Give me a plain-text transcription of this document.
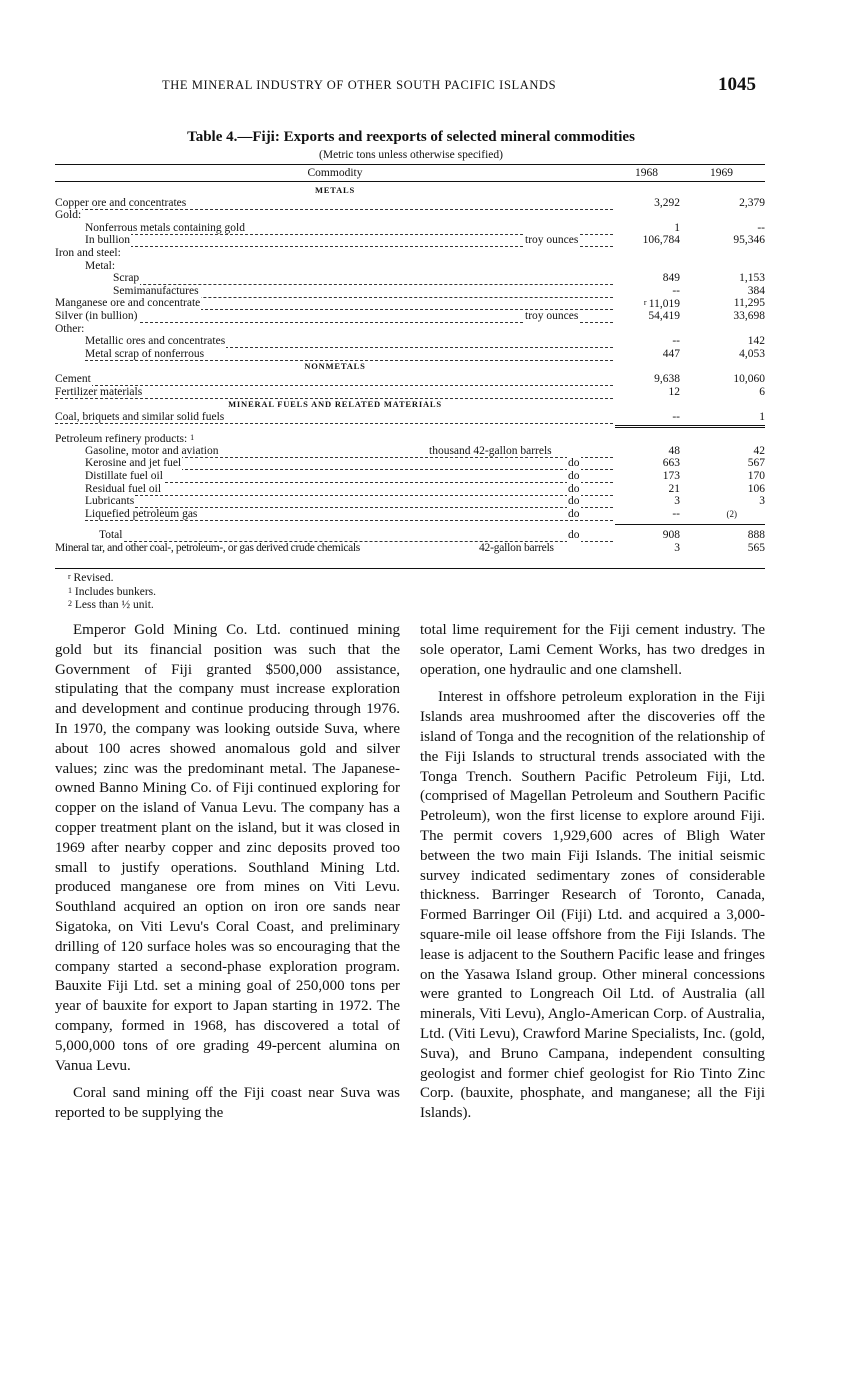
THE MINERAL INDUSTRY OF OTHER SOUTH PACIFIC ISLANDS	1045
Table 4.—Fiji: Exports and reexports of selected mineral commodities
(Metric tons unless otherwise specified)
Commodity	1968	1969
METALS
Copper ore and concentrates	3,292	2,379
Gold:
Nonferrous metals containing gold	1	--
In bullion	troy ounces	106,784	95,346
Iron and steel:
Metal:
Scrap	849	1,153
Semimanufactures	--	384
Manganese ore and concentrate	r  11,019	11,295
Silver (in bullion)	troy ounces	54,419	33,698
Other:
Metallic ores and concentrates	--	142
Metal scrap of nonferrous	447	4,053
NONMETALS
Cement	9,638	10,060
Fertilizer materials	12	6
MINERAL FUELS AND RELATED MATERIALS
Coal, briquets and similar solid fuels	--	1
Petroleum refinery products: 1
Gasoline, motor and aviation	thousand 42-gallon barrels	48	42
Kerosine and jet fuel	do	663	567
Distillate fuel oil	do	173	170
Residual fuel oil	do	21	106
Lubricants	do	3	3
Liquefied petroleum gas	do	--	(2)
Total	do	908	888
Mineral tar, and other coal-, petroleum-, or gas derived crude chemicals	42-gallon barrels	3	565
r Revised.
1 Includes bunkers.
2 Less than ½ unit.

Emperor Gold Mining Co. Ltd. continued mining gold but its financial position was such that the Government of Fiji granted $500,000 assistance, stipulating that the company must increase exploration and development and continue producing through 1976. In 1970, the company was looking outside Suva, where about 100 acres showed anomalous gold and silver values; zinc was the predominant metal. The Japanese-owned Banno Mining Co. of Fiji continued exploring for copper on the island of Vanua Levu. The company has a copper treatment plant on the island, but it was closed in 1969 after nearby copper and zinc deposits proved too small to justify operations. Southland Mining Ltd. produced manganese ore from mines on Viti Levu. Southland acquired an option on iron ore sands near Sigatoka, on Viti Levu's Coral Coast, and preliminary drilling of 120 surface holes was so encouraging that the company started a second-phase exploration program. Bauxite Fiji Ltd. set a mining goal of 250,000 tons per year of bauxite for export to Japan starting in 1972. The company, formed in 1968, has discovered a total of 5,000,000 tons of ore grading 49-percent alumina on Vanua Levu.

Coral sand mining off the Fiji coast near Suva was reported to be supplying the

total lime requirement for the Fiji cement industry. The sole operator, Lami Cement Works, has two dredges in operation, one hydraulic and one clamshell.

Interest in offshore petroleum exploration in the Fiji Islands area mushroomed after the discoveries off the island of Tonga and the recognition of the relationship of the Fiji Islands to structural trends associated with the Tonga Trench. Southern Pacific Petroleum Fiji, Ltd. (comprised of Magellan Petroleum and Southern Pacific Petroleum), won the first license to explore around Fiji. The permit covers 1,929,600 acres of Bligh Water between the two main Fiji Islands. The initial seismic survey indicated sedimentary zones of considerable thickness. Barringer Research of Toronto, Canada, Formed Barringer Oil (Fiji) Ltd. and acquired a 3,000-square-mile oil lease offshore from the Fiji Islands. The lease is adjacent to the Southern Pacific lease and fringes on the Yasawa Island group. Other mineral concessions were granted to Longreach Oil Ltd. of Australia (all minerals, Viti Levu), Anglo-American Corp. of Australia, Ltd. (Viti Levu), Crawford Marine Specialists, Inc. (gold, Suva), and Bruno Campana, independent consulting geologist and former chief geologist for Rio Tinto Zinc Corp. (bauxite, phosphate, and manganese; all the Fiji Islands).
